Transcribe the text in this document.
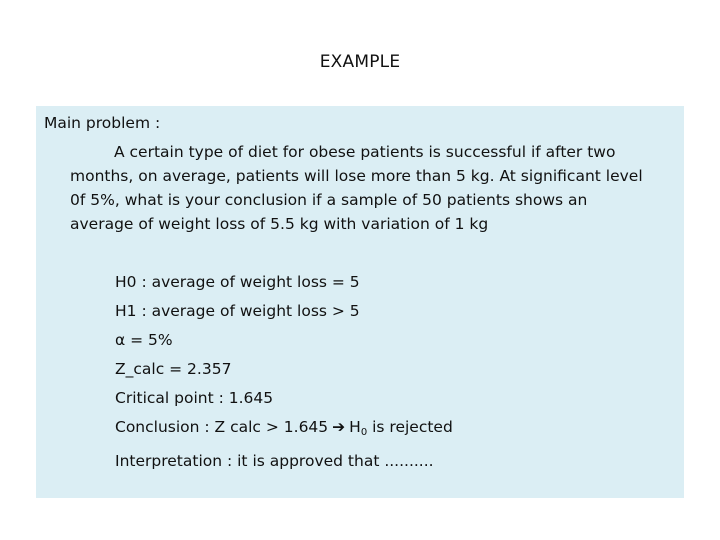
EXAMPLE
Main problem :

A certain type of diet for obese patients is successful if after two
months, on average, patients will lose more than 5 kg. At significant level
0f 5%, what is your conclusion if a sample of 50 patients shows an
average of weight loss of 5.5 kg with variation of 1 kg

H0 : average of weight loss = 5
H1 : average of weight loss > 5
α = 5%
Z_calc = 2.357
Critical point : 1.645
Conclusion : Z calc > 1.645 ➔ $H_0$ is rejected
Interpretation : it is approved that ..........
